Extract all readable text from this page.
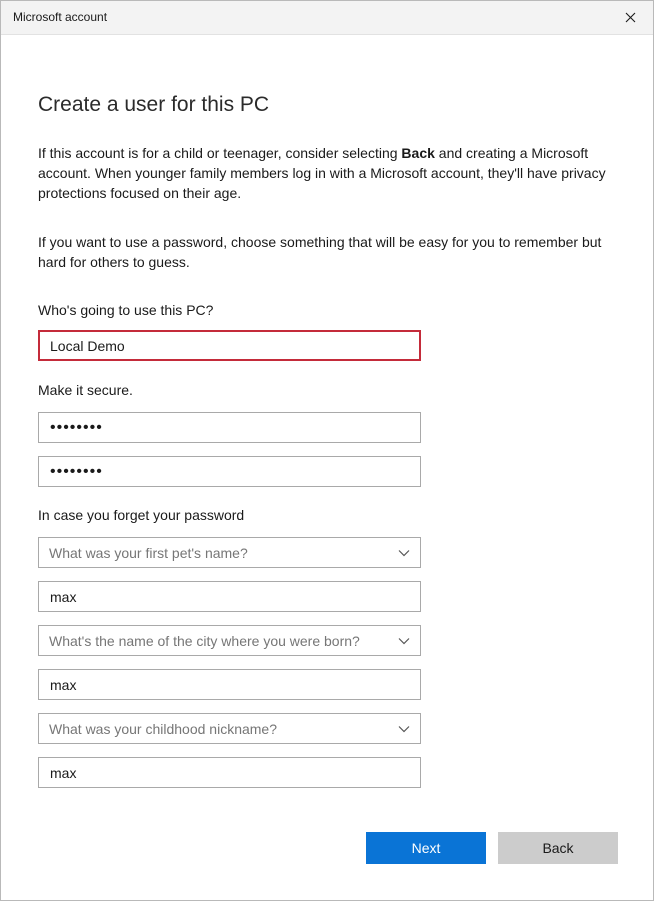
Microsoft account
Create a user for this PC

If this account is for a child or teenager, consider selecting Back and creating a Microsoft account. When younger family members log in with a Microsoft account, they'll have privacy protections focused on their age.

If you want to use a password, choose something that will be easy for you to remember but hard for others to guess.

Who's going to use this PC?
Local Demo
Make it secure.
••••••••
••••••••
In case you forget your password
What was your first pet's name?
max
What's the name of the city where you were born?
max
What was your childhood nickname?
max
Next	Back
